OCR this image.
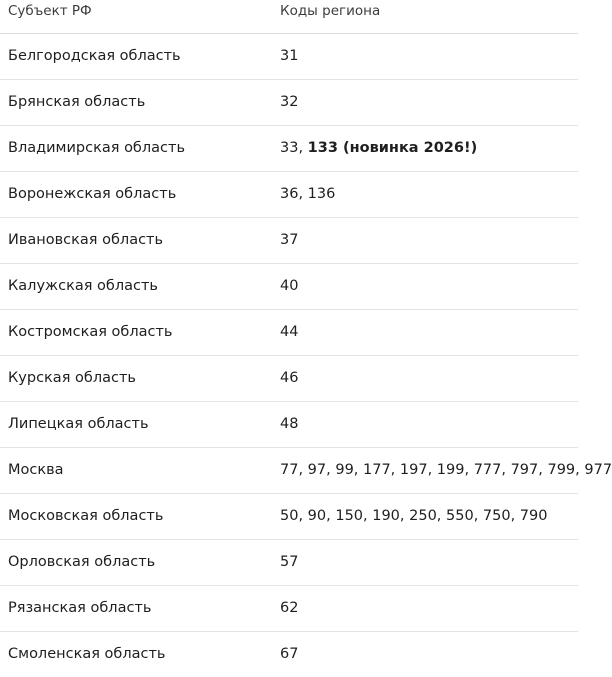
Субъект РФ	Коды региона
Белгородская область	31
Брянская область	32
Владимирская область	33, 133 (новинка 2026!)
Воронежская область	36, 136
Ивановская область	37
Калужская область	40
Костромская область	44
Курская область	46
Липецкая область	48
Москва	77, 97, 99, 177, 197, 199, 777, 797, 799, 977
Московская область	50, 90, 150, 190, 250, 550, 750, 790
Орловская область	57
Рязанская область	62
Смоленская область	67
